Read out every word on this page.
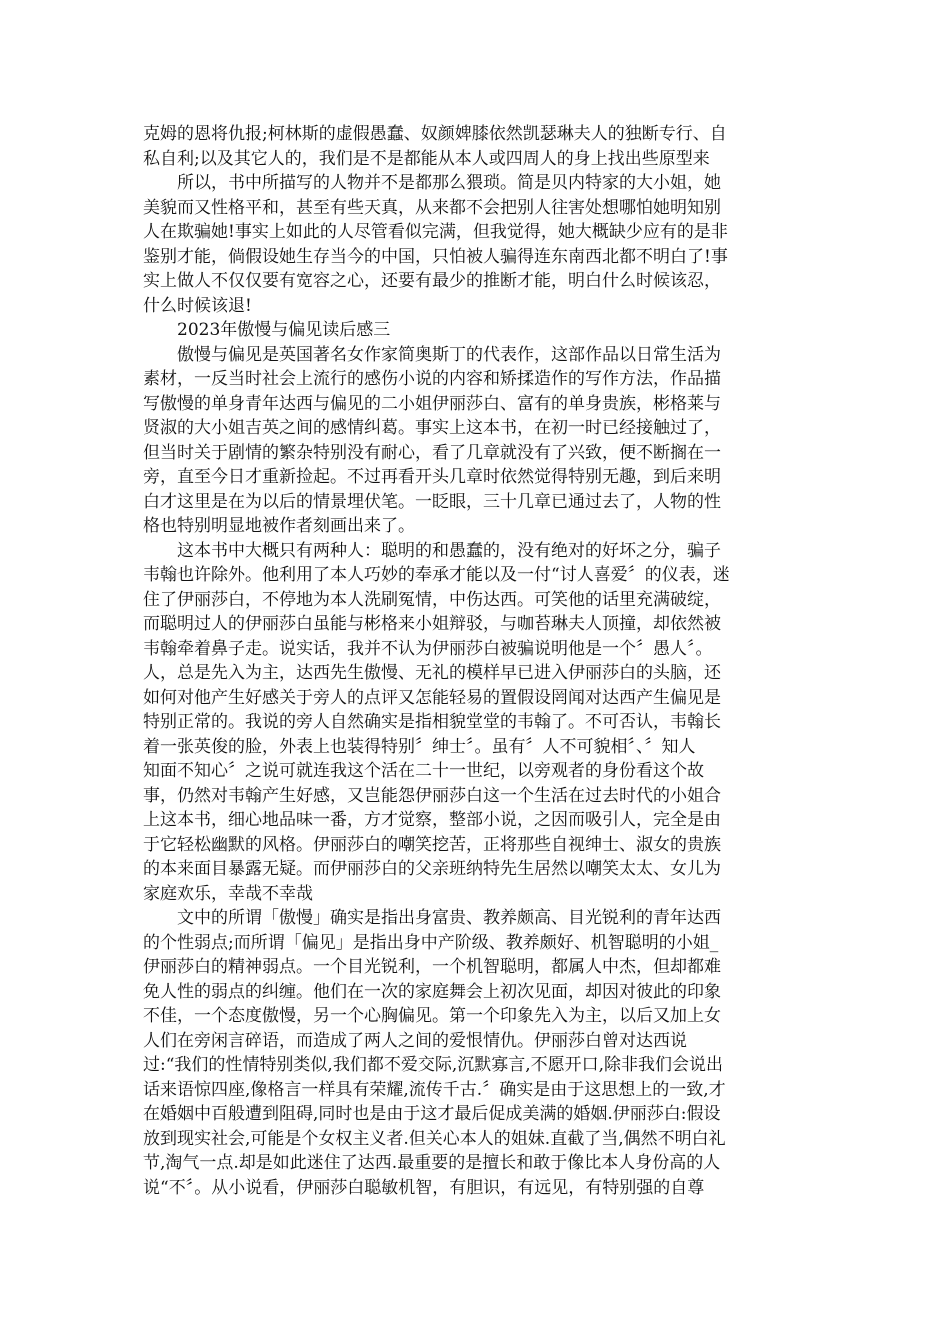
克姆的恩将仇报;柯林斯的虚假愚蠢、奴颜婢膝依然凯瑟琳夫人的独断专行、自
私自利;以及其它人的，我们是不是都能从本人或四周人的身上找出些原型来
所以，书中所描写的人物并不是都那么猥琐。简是贝内特家的大小姐，她
美貌而又性格平和，甚至有些天真，从来都不会把别人往害处想哪怕她明知别
人在欺骗她!事实上如此的人尽管看似完满，但我觉得，她大概缺少应有的是非
鉴别才能，倘假设她生存当今的中国，只怕被人骗得连东南西北都不明白了!事
实上做人不仅仅要有宽容之心，还要有最少的推断才能，明白什么时候该忍，
什么时候该退!
2023年傲慢与偏见读后感三
傲慢与偏见是英国著名女作家简奥斯丁的代表作，这部作品以日常生活为
素材，一反当时社会上流行的感伤小说的内容和矫揉造作的写作方法，作品描
写傲慢的单身青年达西与偏见的二小姐伊丽莎白、富有的单身贵族，彬格莱与
贤淑的大小姐吉英之间的感情纠葛。事实上这本书，在初一时已经接触过了，
但当时关于剧情的繁杂特别没有耐心，看了几章就没有了兴致，便不断搁在一
旁，直至今日才重新捡起。不过再看开头几章时依然觉得特别无趣，到后来明
白才这里是在为以后的情景埋伏笔。一眨眼，三十几章已通过去了，人物的性
格也特别明显地被作者刻画出来了。
这本书中大概只有两种人：聪明的和愚蠢的，没有绝对的好坏之分，骗子
韦翰也许除外。他利用了本人巧妙的奉承才能以及一付“讨人喜爱〞的仪表，迷
住了伊丽莎白，不停地为本人洗刷冤情，中伤达西。可笑他的话里充满破绽，
而聪明过人的伊丽莎白虽能与彬格来小姐辩驳，与咖苔琳夫人顶撞，却依然被
韦翰牵着鼻子走。说实话，我并不认为伊丽莎白被骗说明他是一个〞愚人〞。
人，总是先入为主，达西先生傲慢、无礼的模样早已进入伊丽莎白的头脑，还
如何对他产生好感关于旁人的点评又怎能轻易的置假设罔闻对达西产生偏见是
特别正常的。我说的旁人自然确实是指相貌堂堂的韦翰了。不可否认，韦翰长
着一张英俊的脸，外表上也装得特别〞绅士〞。虽有〞人不可貌相〞、〞知人
知面不知心〞之说可就连我这个活在二十一世纪，以旁观者的身份看这个故
事，仍然对韦翰产生好感，又岂能怨伊丽莎白这一个生活在过去时代的小姐合
上这本书，细心地品味一番，方才觉察，整部小说，之因而吸引人，完全是由
于它轻松幽默的风格。伊丽莎白的嘲笑挖苦，正将那些自视绅士、淑女的贵族
的本来面目暴露无疑。而伊丽莎白的父亲班纳特先生居然以嘲笑太太、女儿为
家庭欢乐，幸哉不幸哉
文中的所谓「傲慢」确实是指出身富贵、教养颇高、目光锐利的青年达西
的个性弱点;而所谓「偏见」是指出身中产阶级、教养颇好、机智聪明的小姐_
伊丽莎白的精神弱点。一个目光锐利，一个机智聪明，都属人中杰，但却都难
免人性的弱点的纠缠。他们在一次的家庭舞会上初次见面，却因对彼此的印象
不佳，一个态度傲慢，另一个心胸偏见。第一个印象先入为主，以后又加上女
人们在旁闲言碎语，而造成了两人之间的爱恨情仇。伊丽莎白曾对达西说
过:“我们的性情特别类似,我们都不爱交际,沉默寡言,不愿开口,除非我们会说出
话来语惊四座,像格言一样具有荣耀,流传千古.〞确实是由于这思想上的一致,才
在婚姻中百般遭到阻碍,同时也是由于这才最后促成美满的婚姻.伊丽莎白:假设
放到现实社会,可能是个女权主义者.但关心本人的姐妹.直截了当,偶然不明白礼
节,淘气一点.却是如此迷住了达西.最重要的是擅长和敢于像比本人身份高的人
说“不〞。从小说看，伊丽莎白聪敏机智，有胆识，有远见，有特别强的自尊
